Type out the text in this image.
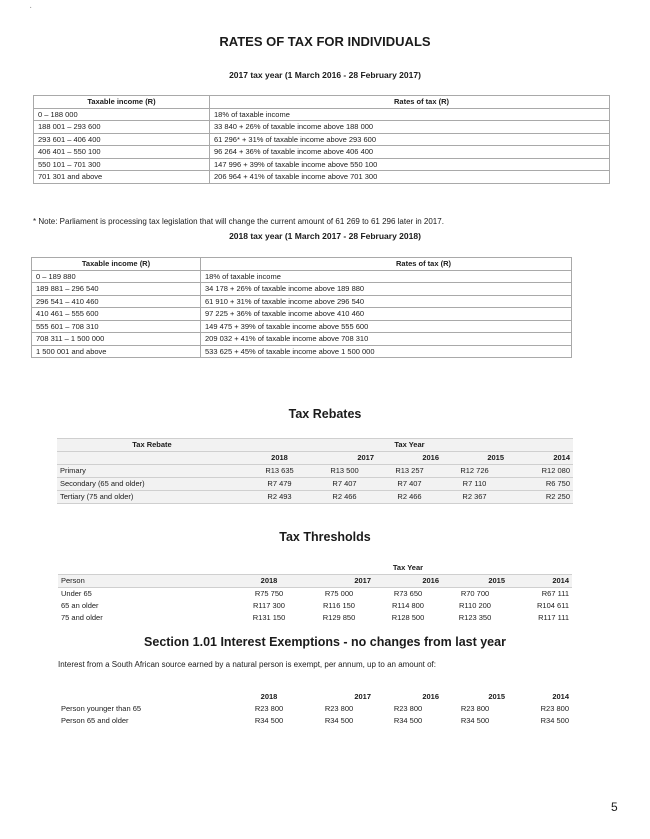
·
RATES OF TAX FOR INDIVIDUALS
2017 tax year (1 March 2016 - 28 February 2017)
Taxable income (R)	Rates of tax (R)
0 – 188 000	18% of taxable income
188 001 – 293 600	33 840 + 26% of taxable income above 188 000
293 601 – 406 400	61 296* + 31% of taxable income above 293 600
406 401 – 550 100	96 264 + 36% of taxable income above 406 400
550 101 – 701 300	147 996 + 39% of taxable income above 550 100
701 301 and above	206 964 + 41% of taxable income above 701 300
* Note: Parliament is processing tax legislation that will change the current amount of 61 269 to 61 296 later in 2017.
2018 tax year (1 March 2017 - 28 February 2018)
Taxable income (R)	Rates of tax (R)
0 – 189 880	18% of taxable income
189 881 – 296 540	34 178 + 26% of taxable income above 189 880
296 541 – 410 460	61 910 + 31% of taxable income above 296 540
410 461 – 555 600	97 225 + 36% of taxable income above 410 460
555 601 – 708 310	149 475 + 39% of taxable income above 555 600
708 311 – 1 500 000	209 032 + 41% of taxable income above 708 310
1 500 001 and above	533 625 + 45% of taxable income above 1 500 000
Tax Rebates
Tax Rebate			Tax Year		
	2018	2017	2016	2015	2014
Primary	R13 635	R13 500	R13 257	R12 726	R12 080
Secondary (65 and older)	R7 479	R7 407	R7 407	R7 110	R6 750
Tertiary (75 and older)	R2 493	R2 466	R2 466	R2 367	R2 250
Tax Thresholds
			Tax Year		
Person	2018	2017	2016	2015	2014
Under 65	R75 750	R75 000	R73 650	R70 700	R67 111
65 an older	R117 300	R116 150	R114 800	R110 200	R104 611
75 and older	R131 150	R129 850	R128 500	R123 350	R117 111
Section 1.01 Interest Exemptions - no changes from last year
Interest from a South African source earned by a natural person is exempt, per annum, up to an amount of:
	2018	2017	2016	2015	2014
Person younger than 65	R23 800	R23 800	R23 800	R23 800	R23 800
Person 65 and older	R34 500	R34 500	R34 500	R34 500	R34 500
5
